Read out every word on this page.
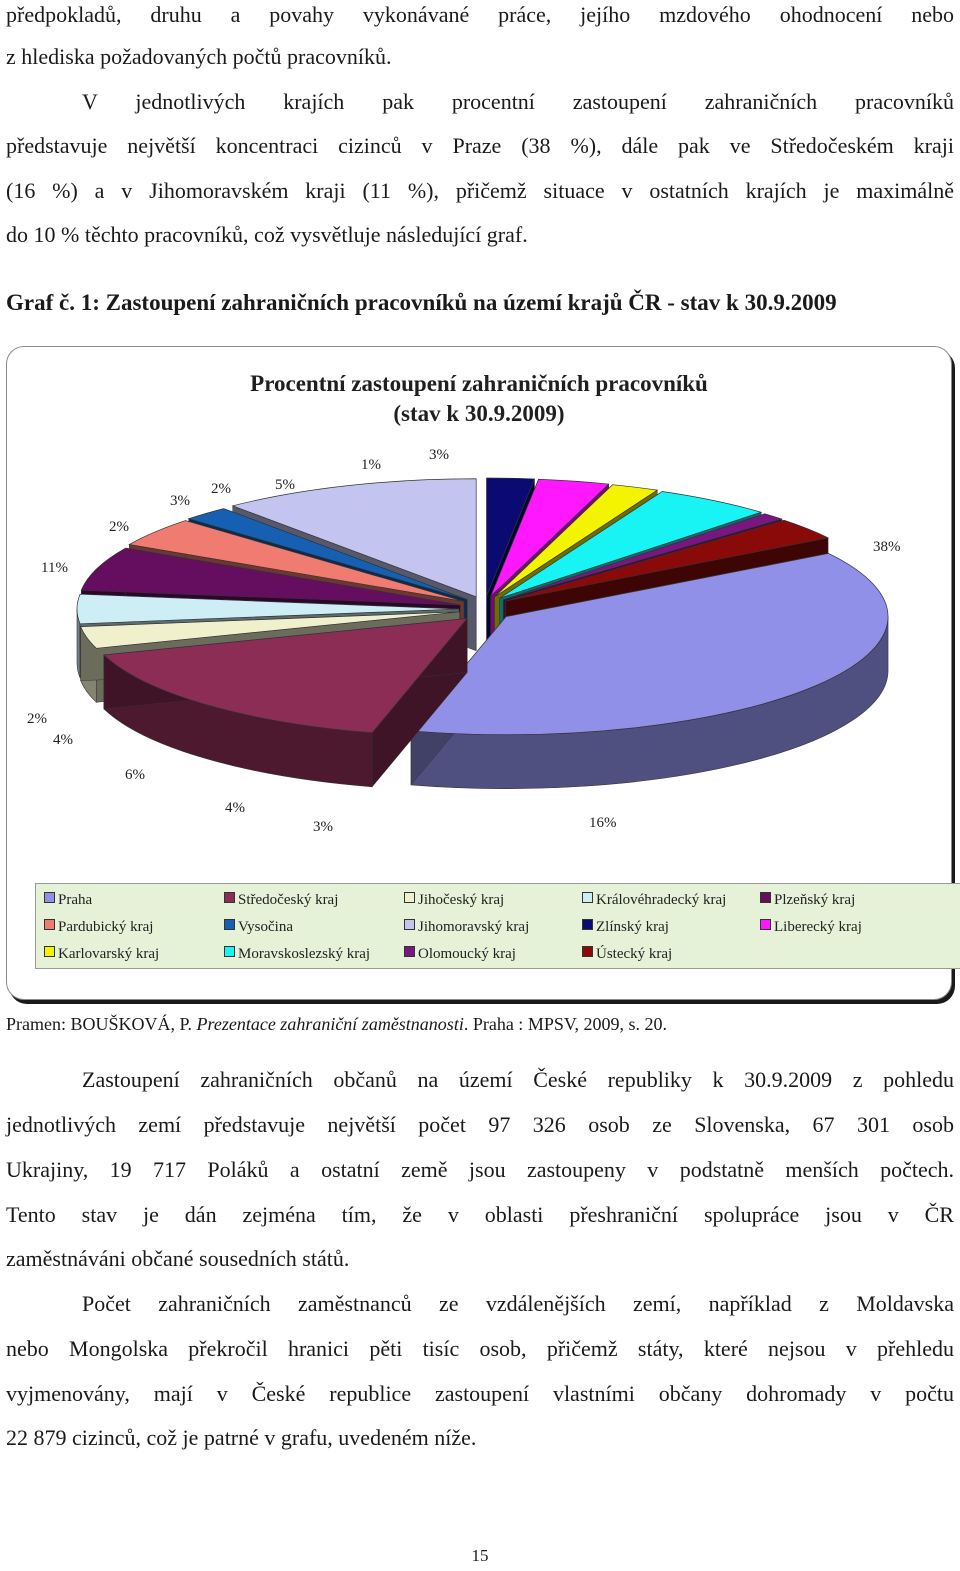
předpokladů, druhu a povahy vykonávané práce, jejího mzdového ohodnocení nebo
z hlediska požadovaných počtů pracovníků.
V jednotlivých krajích pak procentní zastoupení zahraničních pracovníků
představuje největší koncentraci cizinců v Praze (38 %), dále pak ve Středočeském kraji
(16 %) a v Jihomoravském kraji (11 %), přičemž situace v ostatních krajích je maximálně
do 10 % těchto pracovníků, což vysvětluje následující graf.
Graf č. 1: Zastoupení zahraničních pracovníků na území krajů ČR - stav k 30.9.2009
Procentní zastoupení zahraničních pracovníků
(stav k 30.9.2009)
38%
16%
3%
4%
6%
4%
2%
11%
2%
3%
2%	5%
1%
3%
Praha	Středočeský kraj	Jihočeský kraj	Královéhradecký kraj	Plzeňský kraj
Pardubický kraj	Vysočina	Jihomoravský kraj	Zlínský kraj	Liberecký kraj
Karlovarský kraj	Moravskoslezský kraj	Olomoucký kraj	Ústecký kraj
Pramen: BOUŠKOVÁ, P. Prezentace zahraniční zaměstnanosti. Praha : MPSV, 2009, s. 20.
Zastoupení zahraničních občanů na území České republiky k 30.9.2009 z pohledu
jednotlivých zemí představuje největší počet 97 326 osob ze Slovenska, 67 301 osob
Ukrajiny, 19 717 Poláků a ostatní země jsou zastoupeny v podstatně menších počtech.
Tento stav je dán zejména tím, že v oblasti přeshraniční spolupráce jsou v ČR
zaměstnáváni občané sousedních států.
Počet zahraničních zaměstnanců ze vzdálenějších zemí, například z Moldavska
nebo Mongolska překročil hranici pěti tisíc osob, přičemž státy, které nejsou v přehledu
vyjmenovány, mají v České republice zastoupení vlastními občany dohromady v počtu
22 879 cizinců, což je patrné v grafu, uvedeném níže.
15
